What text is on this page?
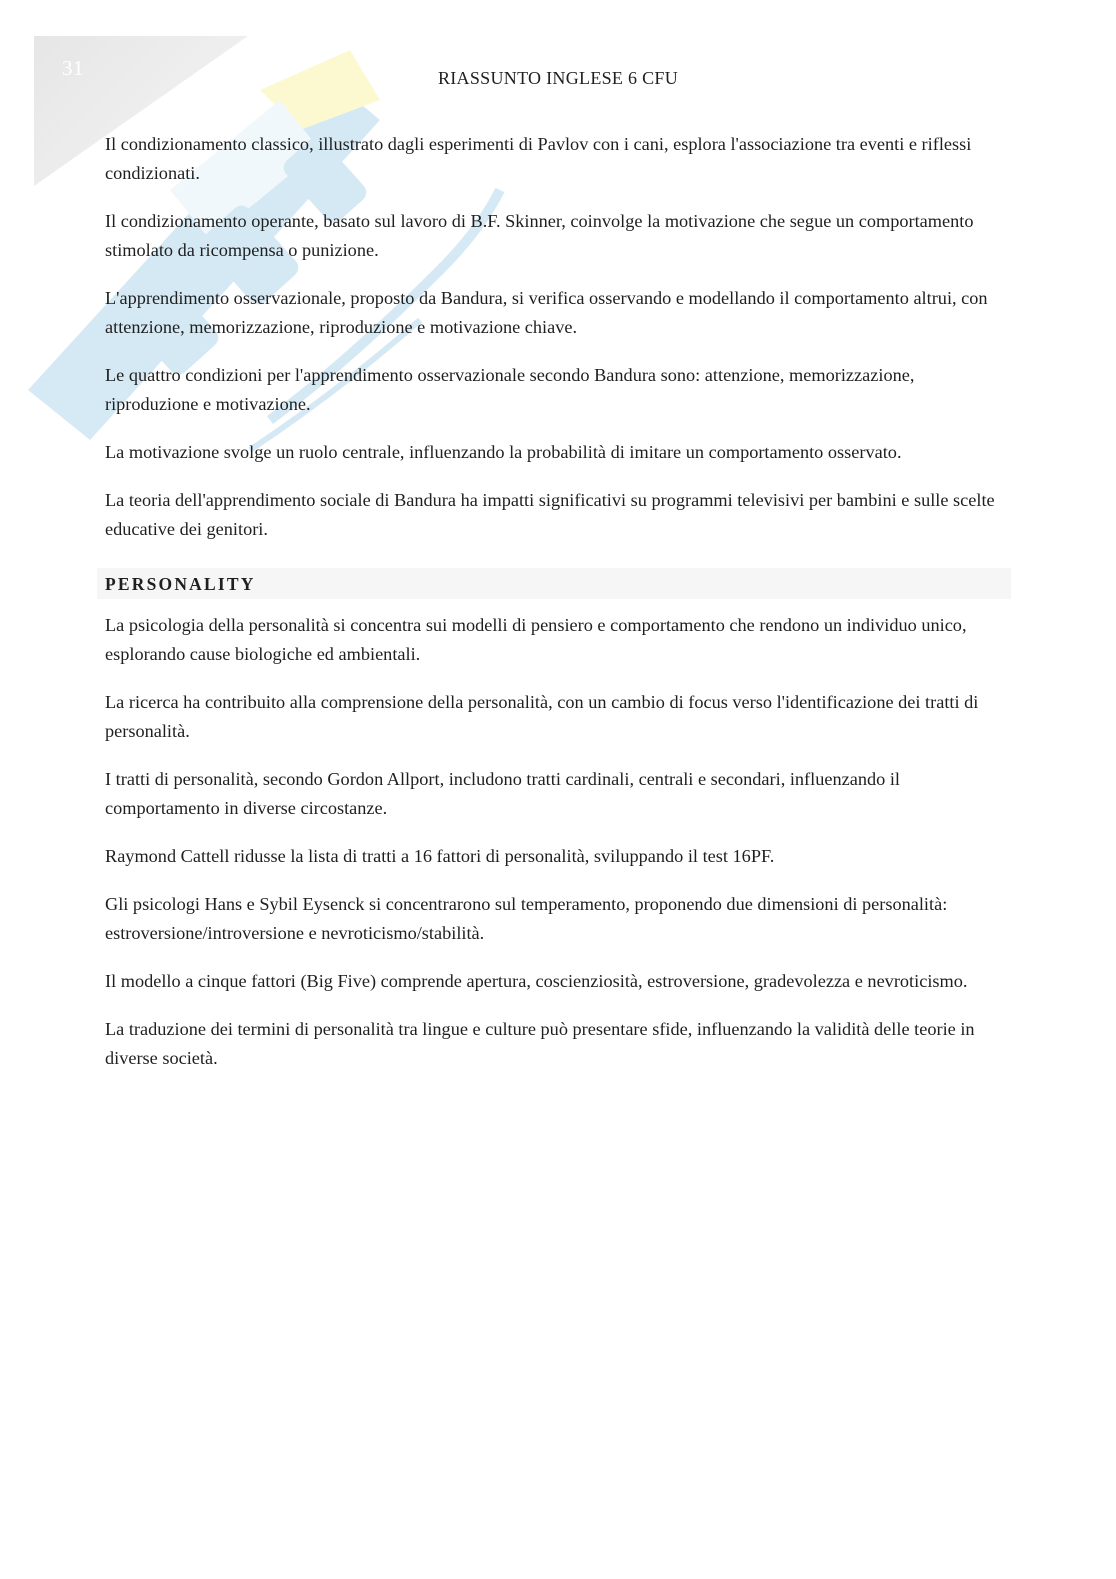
31	RIASSUNTO INGLESE 6 CFU

Il condizionamento classico, illustrato dagli esperimenti di Pavlov con i cani, esplora l'associazione tra eventi e riflessi condizionati.

Il condizionamento operante, basato sul lavoro di B.F. Skinner, coinvolge la motivazione che segue un comportamento stimolato da ricompensa o punizione.

L'apprendimento osservazionale, proposto da Bandura, si verifica osservando e modellando il comportamento altrui, con attenzione, memorizzazione, riproduzione e motivazione chiave.

Le quattro condizioni per l'apprendimento osservazionale secondo Bandura sono: attenzione, memorizzazione, riproduzione e motivazione.

La motivazione svolge un ruolo centrale, influenzando la probabilità di imitare un comportamento osservato.

La teoria dell'apprendimento sociale di Bandura ha impatti significativi su programmi televisivi per bambini e sulle scelte educative dei genitori.

PERSONALITY

La psicologia della personalità si concentra sui modelli di pensiero e comportamento che rendono un individuo unico, esplorando cause biologiche ed ambientali.

La ricerca ha contribuito alla comprensione della personalità, con un cambio di focus verso l'identificazione dei tratti di personalità.

I tratti di personalità, secondo Gordon Allport, includono tratti cardinali, centrali e secondari, influenzando il comportamento in diverse circostanze.

Raymond Cattell ridusse la lista di tratti a 16 fattori di personalità, sviluppando il test 16PF.

Gli psicologi Hans e Sybil Eysenck si concentrarono sul temperamento, proponendo due dimensioni di personalità: estroversione/introversione e nevroticismo/stabilità.

Il modello a cinque fattori (Big Five) comprende apertura, coscienziosità, estroversione, gradevolezza e nevroticismo.

La traduzione dei termini di personalità tra lingue e culture può presentare sfide, influenzando la validità delle teorie in diverse società.
